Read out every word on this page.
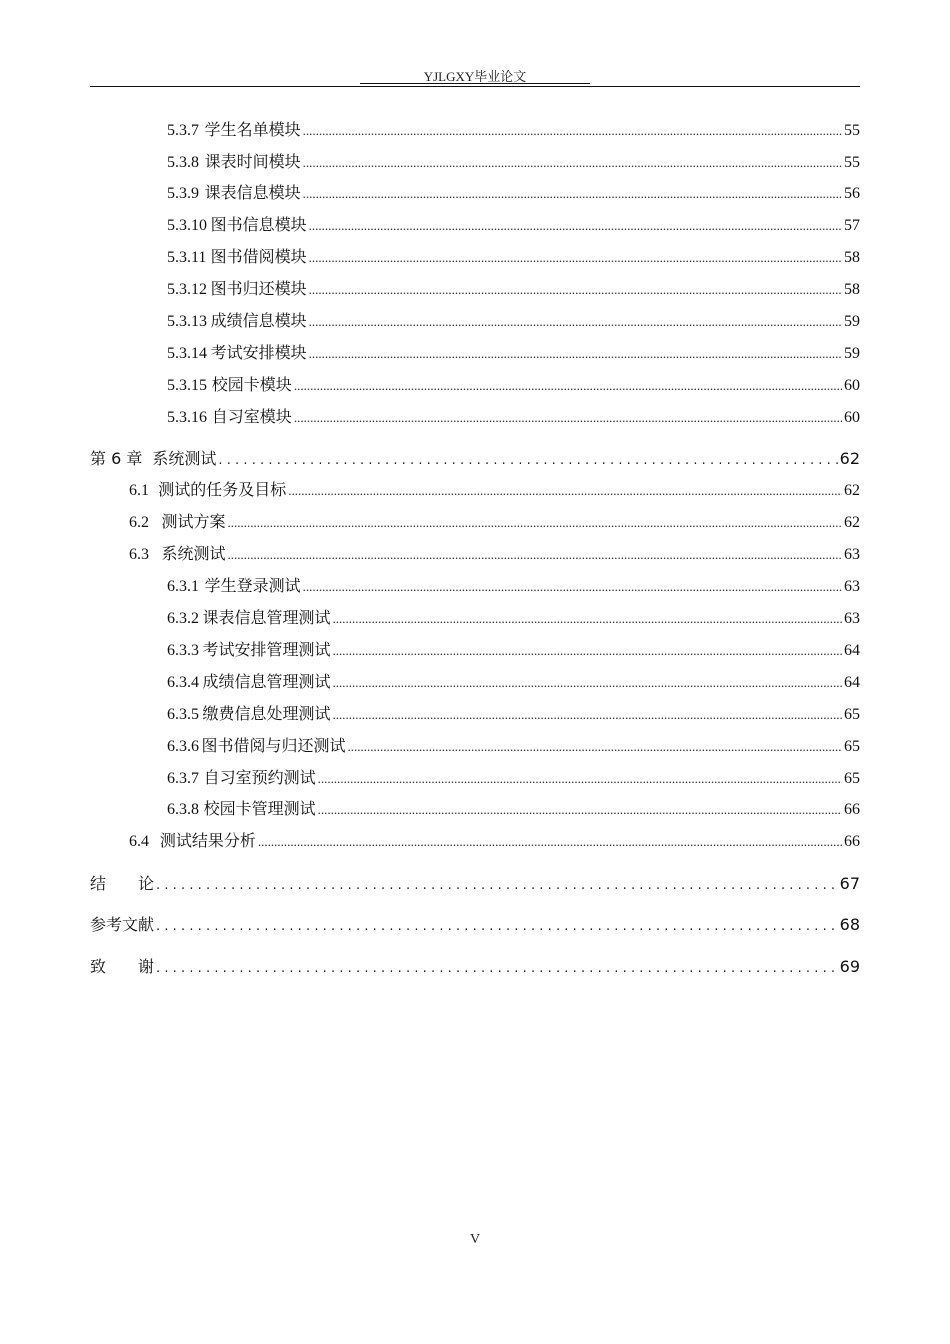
YJLGXY毕业论文
5.3.7 学生名单模块 .....	55
5.3.8 课表时间模块 .....	55
5.3.9 课表信息模块 .....	56
5.3.10 图书信息模块 .....	57
5.3.11 图书借阅模块 .....	58
5.3.12 图书归还模块 .....	58
5.3.13 成绩信息模块 .....	59
5.3.14 考试安排模块 .....	59
5.3.15 校园卡模块 .....	60
5.3.16 自习室模块 .....	60
第 6 章 系统测试 .....	62
6.1 测试的任务及目标 .....	62
6.2 测试方案 .....	62
6.3 系统测试 .....	63
6.3.1 学生登录测试 .....	63
6.3.2 课表信息管理测试 .....	63
6.3.3 考试安排管理测试 .....	64
6.3.4 成绩信息管理测试 .....	64
6.3.5 缴费信息处理测试 .....	65
6.3.6 图书借阅与归还测试 .....	65
6.3.7 自习室预约测试 .....	65
6.3.8 校园卡管理测试 .....	66
6.4 测试结果分析 .....	66
结　　论 .....	67
参考文献 .....	68
致　　谢 .....	69
V
